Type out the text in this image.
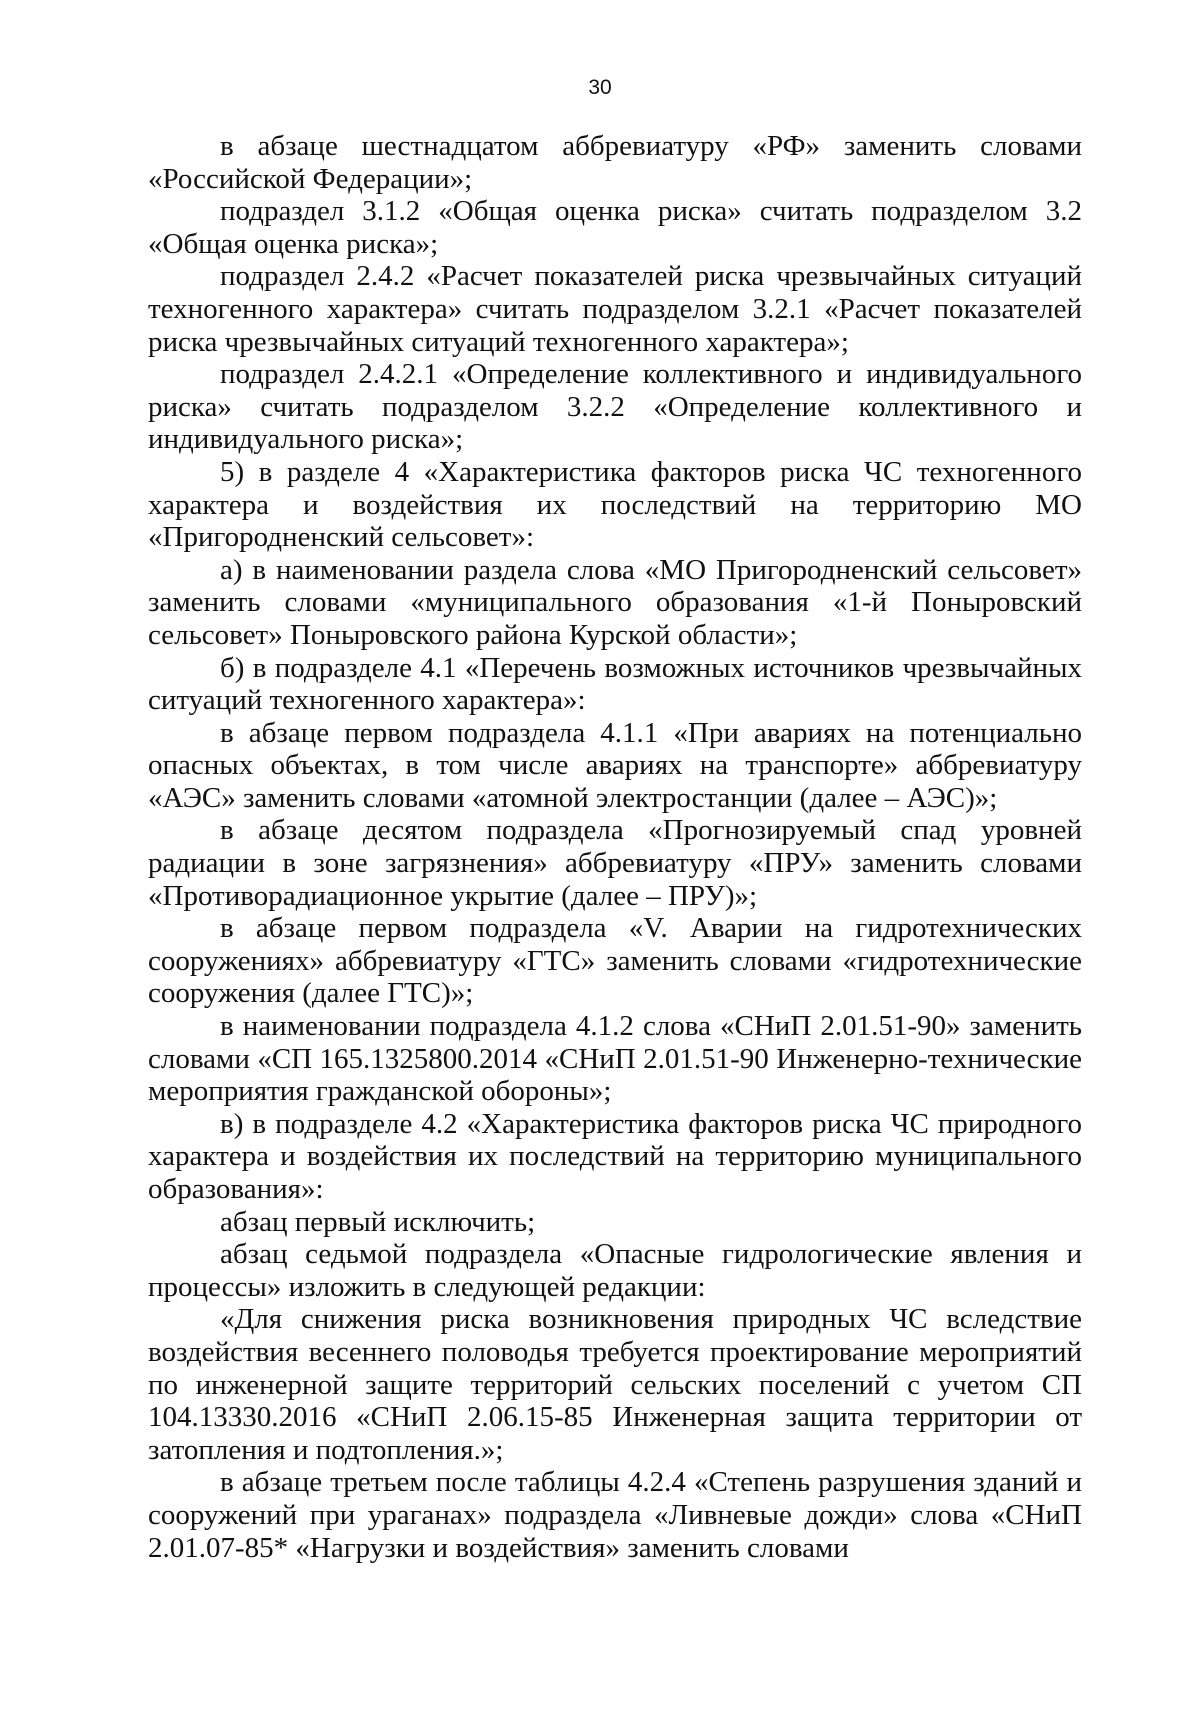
30

в абзаце шестнадцатом аббревиатуру «РФ» заменить словами «Российской Федерации»;

подраздел 3.1.2 «Общая оценка риска» считать подразделом 3.2 «Общая оценка риска»;

подраздел 2.4.2 «Расчет показателей риска чрезвычайных ситуаций техногенного характера» считать подразделом 3.2.1 «Расчет показателей риска чрезвычайных ситуаций техногенного характера»;

подраздел 2.4.2.1 «Определение коллективного и индивидуального риска» считать подразделом 3.2.2 «Определение коллективного и индивидуального риска»;

5) в разделе 4 «Характеристика факторов риска ЧС техногенного характера и воздействия их последствий на территорию МО «Пригородненский сельсовет»:

а) в наименовании раздела слова «МО Пригородненский сельсовет» заменить словами «муниципального образования «1-й Поныровский сельсовет» Поныровского района Курской области»;

б) в подразделе 4.1 «Перечень возможных источников чрезвычайных ситуаций техногенного характера»:

в абзаце первом подраздела 4.1.1 «При авариях на потенциально опасных объектах, в том числе авариях на транспорте» аббревиатуру «АЭС» заменить словами «атомной электростанции (далее – АЭС)»;

в абзаце десятом подраздела «Прогнозируемый спад уровней радиации в зоне загрязнения» аббревиатуру «ПРУ» заменить словами «Противорадиационное укрытие (далее – ПРУ)»;

в абзаце первом подраздела «V. Аварии на гидротехнических сооружениях» аббревиатуру «ГТС» заменить словами «гидротехнические сооружения (далее ГТС)»;

в наименовании подраздела 4.1.2 слова «СНиП 2.01.51-90» заменить словами «СП 165.1325800.2014 «СНиП 2.01.51-90 Инженерно-технические мероприятия гражданской обороны»;

в) в подразделе 4.2 «Характеристика факторов риска ЧС природного характера и воздействия их последствий на территорию муниципального образования»:

абзац первый исключить;

абзац седьмой подраздела «Опасные гидрологические явления и процессы» изложить в следующей редакции:

«Для снижения риска возникновения природных ЧС вследствие воздействия весеннего половодья требуется проектирование мероприятий по инженерной защите территорий сельских поселений с учетом СП 104.13330.2016 «СНиП 2.06.15-85 Инженерная защита территории от затопления и подтопления.»;

в абзаце третьем после таблицы 4.2.4 «Степень разрушения зданий и сооружений при ураганах» подраздела «Ливневые дожди» слова «СНиП 2.01.07-85* «Нагрузки и воздействия» заменить словами
